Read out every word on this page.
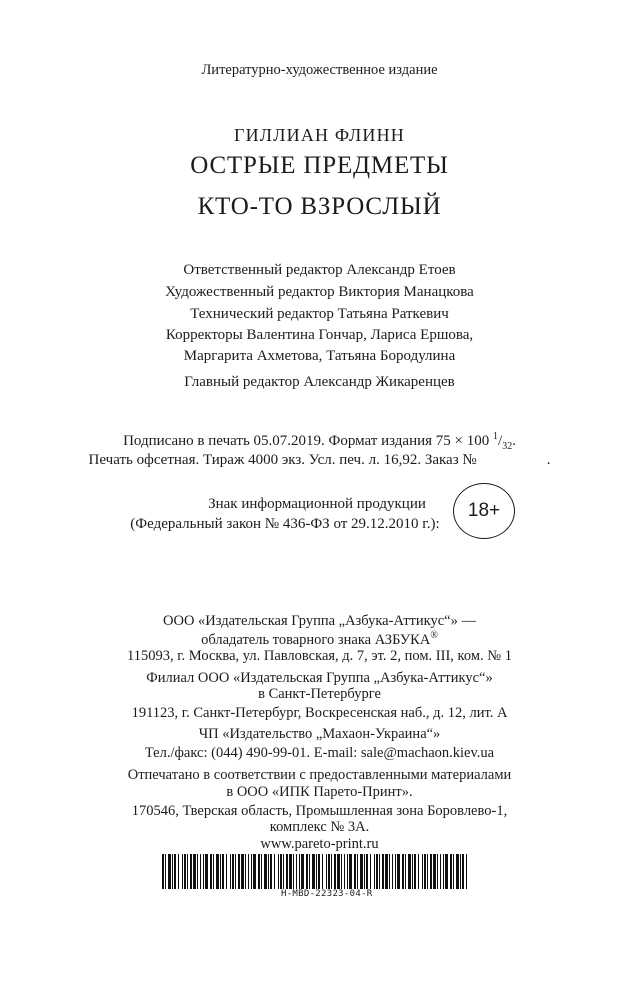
Литературно-художественное издание
ГИЛЛИАН ФЛИНН
ОСТРЫЕ ПРЕДМЕТЫ
КТО-ТО ВЗРОСЛЫЙ
Ответственный редактор Александр Етоев
Художественный редактор Виктория Манацкова
Технический редактор Татьяна Раткевич
Корректоры Валентина Гончар, Лариса Ершова,
Маргарита Ахметова, Татьяна Бородулина
Главный редактор Александр Жикаренцев
Подписано в печать 05.07.2019. Формат издания 75 × 100 $^1/_{32}$.
Печать офсетная. Тираж 4000 экз. Усл. печ. л. 16,92. Заказ №	.
Знак информационной продукции
(Федеральный закон № 436-ФЗ от 29.12.2010 г.):
18+
ООО «Издательская Группа „Азбука-Аттикус“» —
обладатель товарного знака АЗБУКА®
115093, г. Москва, ул. Павловская, д. 7, эт. 2, пом. III, ком. № 1
Филиал ООО «Издательская Группа „Азбука-Аттикус“»
в Санкт-Петербурге
191123, г. Санкт-Петербург, Воскресенская наб., д. 12, лит. А
ЧП «Издательство „Махаон-Украина“»
Тел./факс: (044) 490-99-01. E-mail: sale@machaon.kiev.ua
Отпечатано в соответствии с предоставленными материалами
в ООО «ИПК Парето-Принт».
170546, Тверская область, Промышленная зона Боровлево-1,
комплекс № 3А.
www.pareto-print.ru
H-MBD-22323-04-R
